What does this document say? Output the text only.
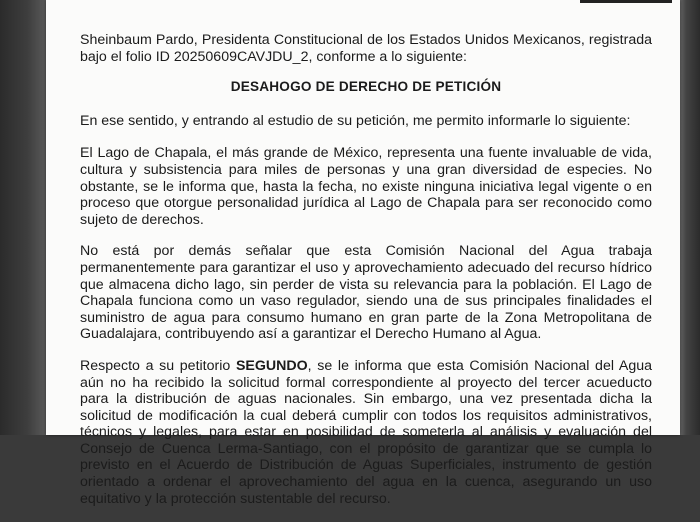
Sheinbaum Pardo, Presidenta Constitucional de los Estados Unidos Mexicanos, registrada bajo el folio ID 20250609CAVJDU_2, conforme a lo siguiente:

DESAHOGO DE DERECHO DE PETICIÓN

En ese sentido, y entrando al estudio de su petición, me permito informarle lo siguiente:

El Lago de Chapala, el más grande de México, representa una fuente invaluable de vida, cultura y subsistencia para miles de personas y una gran diversidad de especies. No obstante, se le informa que, hasta la fecha, no existe ninguna iniciativa legal vigente o en proceso que otorgue personalidad jurídica al Lago de Chapala para ser reconocido como sujeto de derechos.

No está por demás señalar que esta Comisión Nacional del Agua trabaja permanentemente para garantizar el uso y aprovechamiento adecuado del recurso hídrico que almacena dicho lago, sin perder de vista su relevancia para la población. El Lago de Chapala funciona como un vaso regulador, siendo una de sus principales finalidades el suministro de agua para consumo humano en gran parte de la Zona Metropolitana de Guadalajara, contribuyendo así a garantizar el Derecho Humano al Agua.

Respecto a su petitorio SEGUNDO, se le informa que esta Comisión Nacional del Agua aún no ha recibido la solicitud formal correspondiente al proyecto del tercer acueducto para la distribución de aguas nacionales. Sin embargo, una vez presentada dicha la solicitud de modificación la cual deberá cumplir con todos los requisitos administrativos, técnicos y legales, para estar en posibilidad de someterla al análisis y evaluación del Consejo de Cuenca Lerma-Santiago, con el propósito de garantizar que se cumpla lo previsto en el Acuerdo de Distribución de Aguas Superficiales, instrumento de gestión orientado a ordenar el aprovechamiento del agua en la cuenca, asegurando un uso equitativo y la protección sustentable del recurso.
